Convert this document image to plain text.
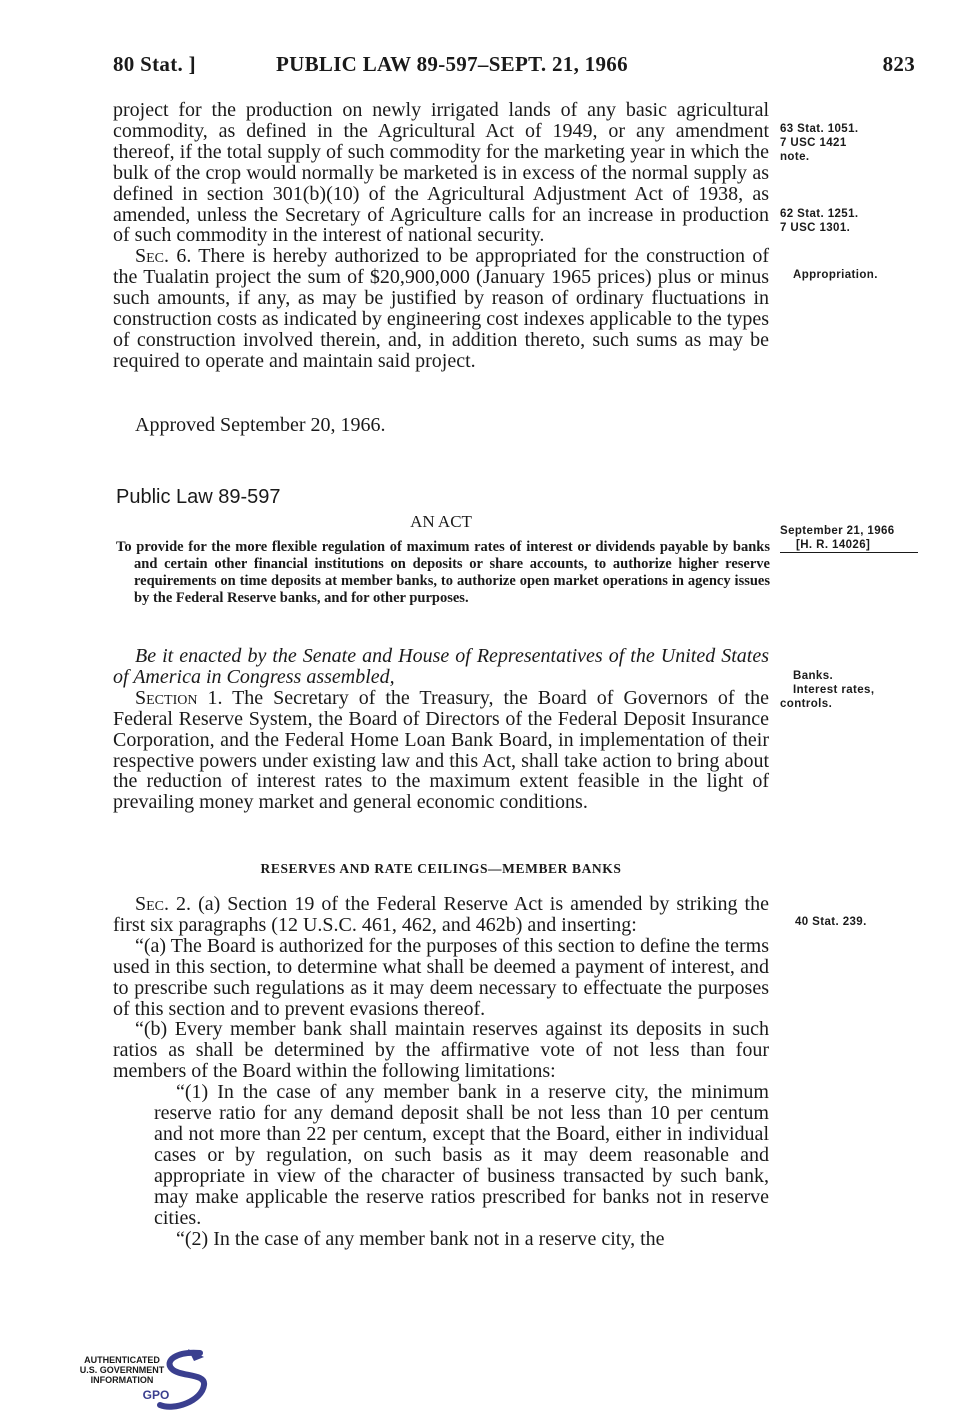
80 Stat. ]	PUBLIC LAW 89-597–SEPT. 21, 1966	823

project for the production on newly irrigated lands of any basic agricultural commodity, as defined in the Agricultural Act of 1949, or any amendment thereof, if the total supply of such commodity for the marketing year in which the bulk of the crop would normally be marketed is in excess of the normal supply as defined in section 301(b)(10) of the Agricultural Adjustment Act of 1938, as amended, unless the Secretary of Agriculture calls for an increase in production of such commodity in the interest of national security.

Sec. 6. There is hereby authorized to be appropriated for the construction of the Tualatin project the sum of $20,900,000 (January 1965 prices) plus or minus such amounts, if any, as may be justified by reason of ordinary fluctuations in construction costs as indicated by engineering cost indexes applicable to the types of construction involved therein, and, in addition thereto, such sums as may be required to operate and maintain said project.

Approved September 20, 1966.

Public Law 89-597
AN ACT
To provide for the more flexible regulation of maximum rates of interest or dividends payable by banks and certain other financial institutions on deposits or share accounts, to authorize higher reserve requirements on time deposits at member banks, to authorize open market operations in agency issues by the Federal Reserve banks, and for other purposes.

Be it enacted by the Senate and House of Representatives of the United States of America in Congress assembled,

Section 1. The Secretary of the Treasury, the Board of Governors of the Federal Reserve System, the Board of Directors of the Federal Deposit Insurance Corporation, and the Federal Home Loan Bank Board, in implementation of their respective powers under existing law and this Act, shall take action to bring about the reduction of interest rates to the maximum extent feasible in the light of prevailing money market and general economic conditions.

RESERVES AND RATE CEILINGS—MEMBER BANKS

Sec. 2. (a) Section 19 of the Federal Reserve Act is amended by striking the first six paragraphs (12 U.S.C. 461, 462, and 462b) and inserting:

“(a) The Board is authorized for the purposes of this section to define the terms used in this section, to determine what shall be deemed a payment of interest, and to prescribe such regulations as it may deem necessary to effectuate the purposes of this section and to prevent evasions thereof.

“(b) Every member bank shall maintain reserves against its deposits in such ratios as shall be determined by the affirmative vote of not less than four members of the Board within the following limitations:

“(1) In the case of any member bank in a reserve city, the minimum reserve ratio for any demand deposit shall be not less than 10 per centum and not more than 22 per centum, except that the Board, either in individual cases or by regulation, on such basis as it may deem reasonable and appropriate in view of the character of business transacted by such bank, may make applicable the reserve ratios prescribed for banks not in reserve cities.

“(2) In the case of any member bank not in a reserve city, the

63 Stat. 1051.
7 USC 1421
note.
62 Stat. 1251.
7 USC 1301.
Appropriation.
September 21, 1966
[H. R. 14026]
Banks.
Interest rates,
controls.
40 Stat. 239.
AUTHENTICATED
U.S. GOVERNMENT
INFORMATION
GPO
